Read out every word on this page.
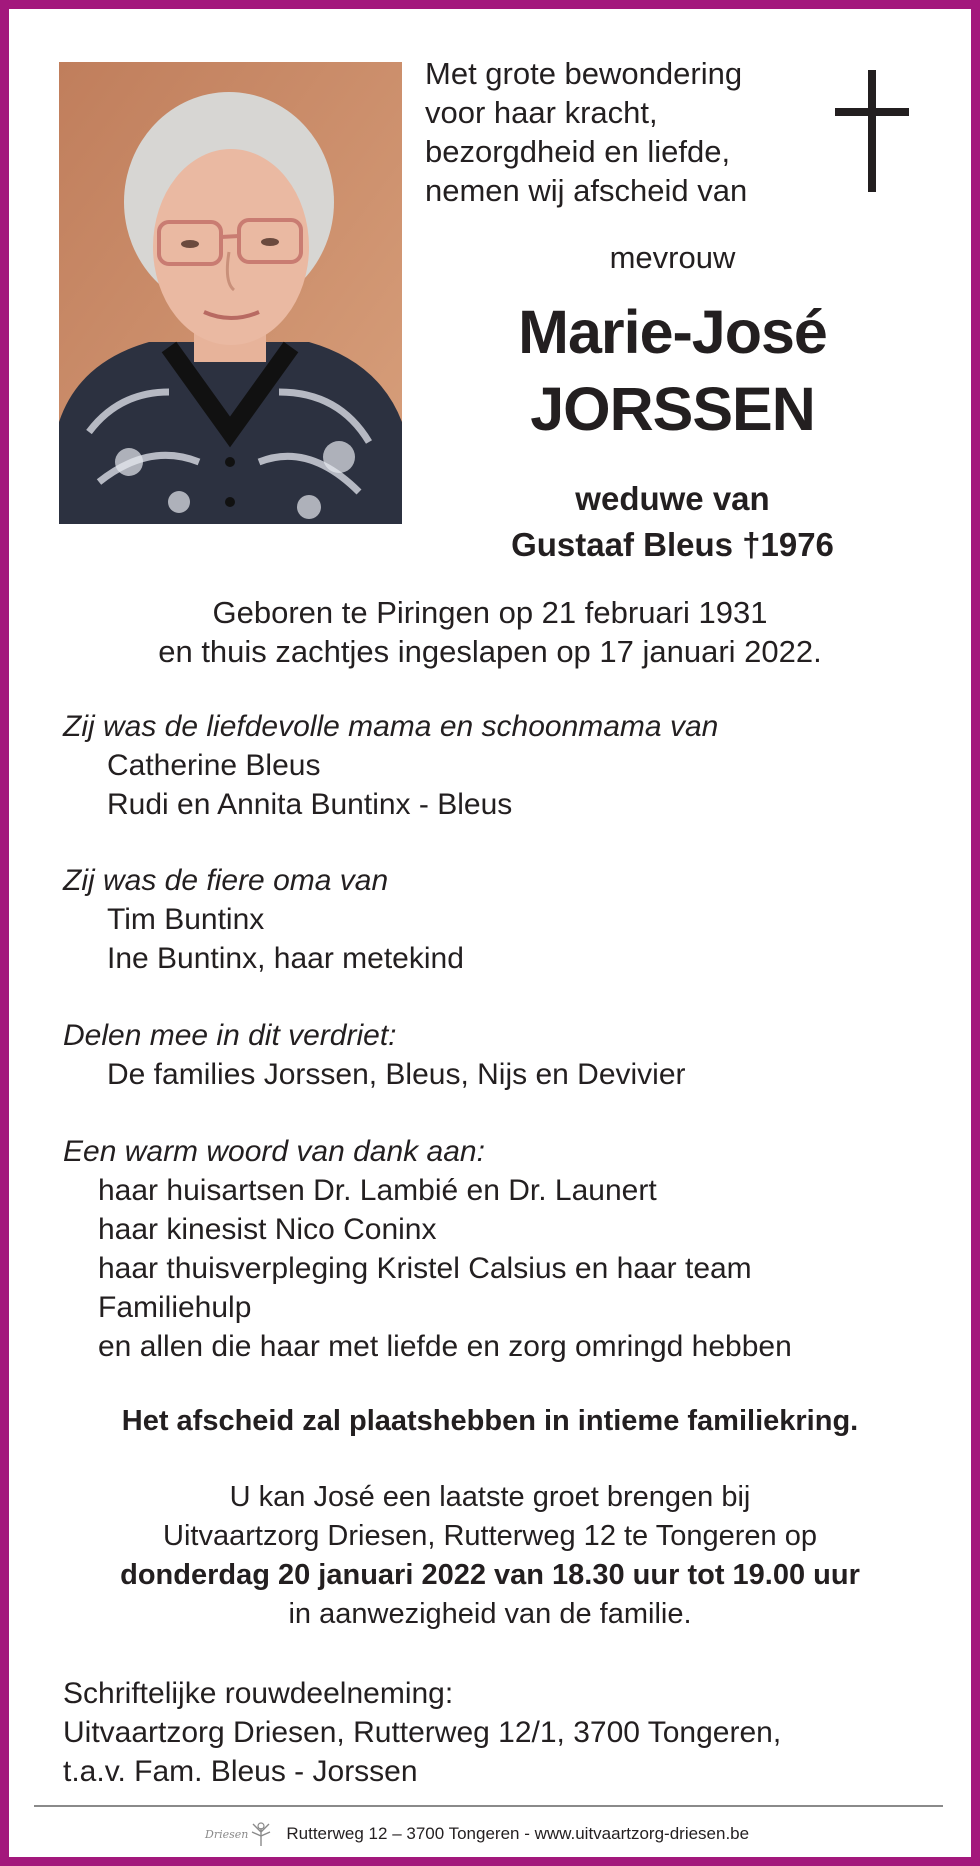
Met grote bewondering
voor haar kracht,
bezorgdheid en liefde,
nemen wij afscheid van
mevrouw
Marie-José
JORSSEN
weduwe van
Gustaaf Bleus †1976
Geboren te Piringen op 21 februari 1931
en thuis zachtjes ingeslapen op 17 januari 2022.
Zij was de liefdevolle mama en schoonmama van
Catherine Bleus
Rudi en Annita Buntinx - Bleus
Zij was de fiere oma van
Tim Buntinx
Ine Buntinx, haar metekind
Delen mee in dit verdriet:
De families Jorssen, Bleus, Nijs en Devivier
Een warm woord van dank aan:
haar huisartsen Dr. Lambié en Dr. Launert
haar kinesist Nico Coninx
haar thuisverpleging Kristel Calsius en haar team
Familiehulp
en allen die haar met liefde en zorg omringd hebben
Het afscheid zal plaatshebben in intieme familiekring.
U kan José een laatste groet brengen bij
Uitvaartzorg Driesen, Rutterweg 12 te Tongeren op
donderdag 20 januari 2022 van 18.30 uur tot 19.00 uur
in aanwezigheid van de familie.
Schriftelijke rouwdeelneming:
Uitvaartzorg Driesen, Rutterweg 12/1, 3700 Tongeren,
t.a.v. Fam. Bleus - Jorssen
Driesen Rutterweg 12 – 3700 Tongeren - www.uitvaartzorg-driesen.be
